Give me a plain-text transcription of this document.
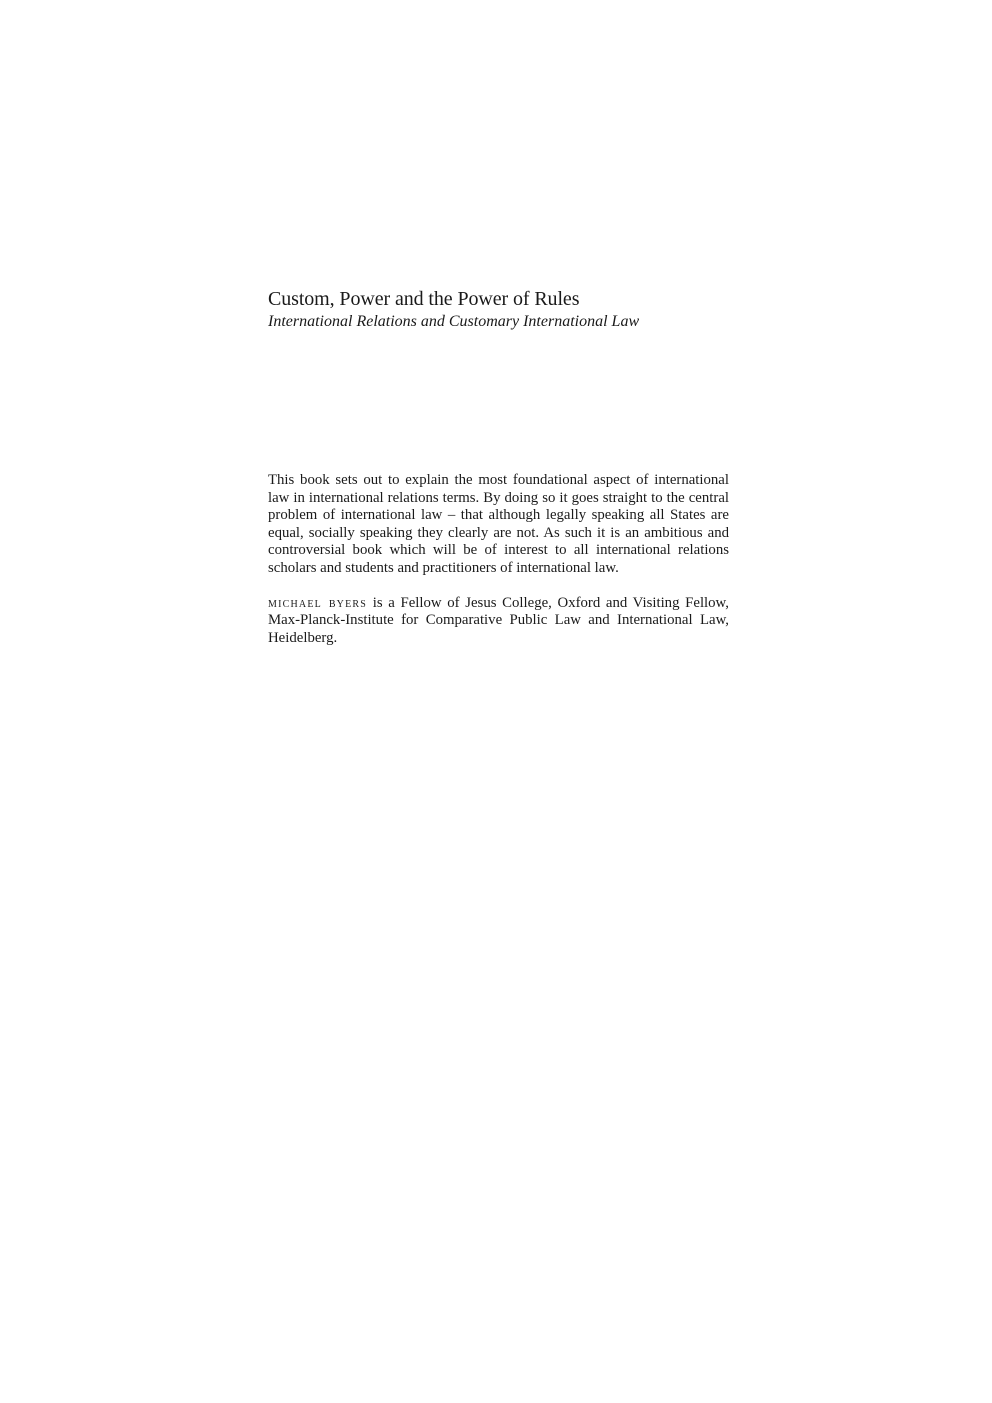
Custom, Power and the Power of Rules

International Relations and Customary International Law

This book sets out to explain the most foundational aspect of international law in international relations terms. By doing so it goes straight to the central problem of international law – that although legally speaking all States are equal, socially speaking they clearly are not. As such it is an ambitious and controversial book which will be of interest to all international relations scholars and students and practitioners of international law.

michael byers is a Fellow of Jesus College, Oxford and Visiting Fellow, Max-Planck-Institute for Comparative Public Law and International Law, Heidelberg.
